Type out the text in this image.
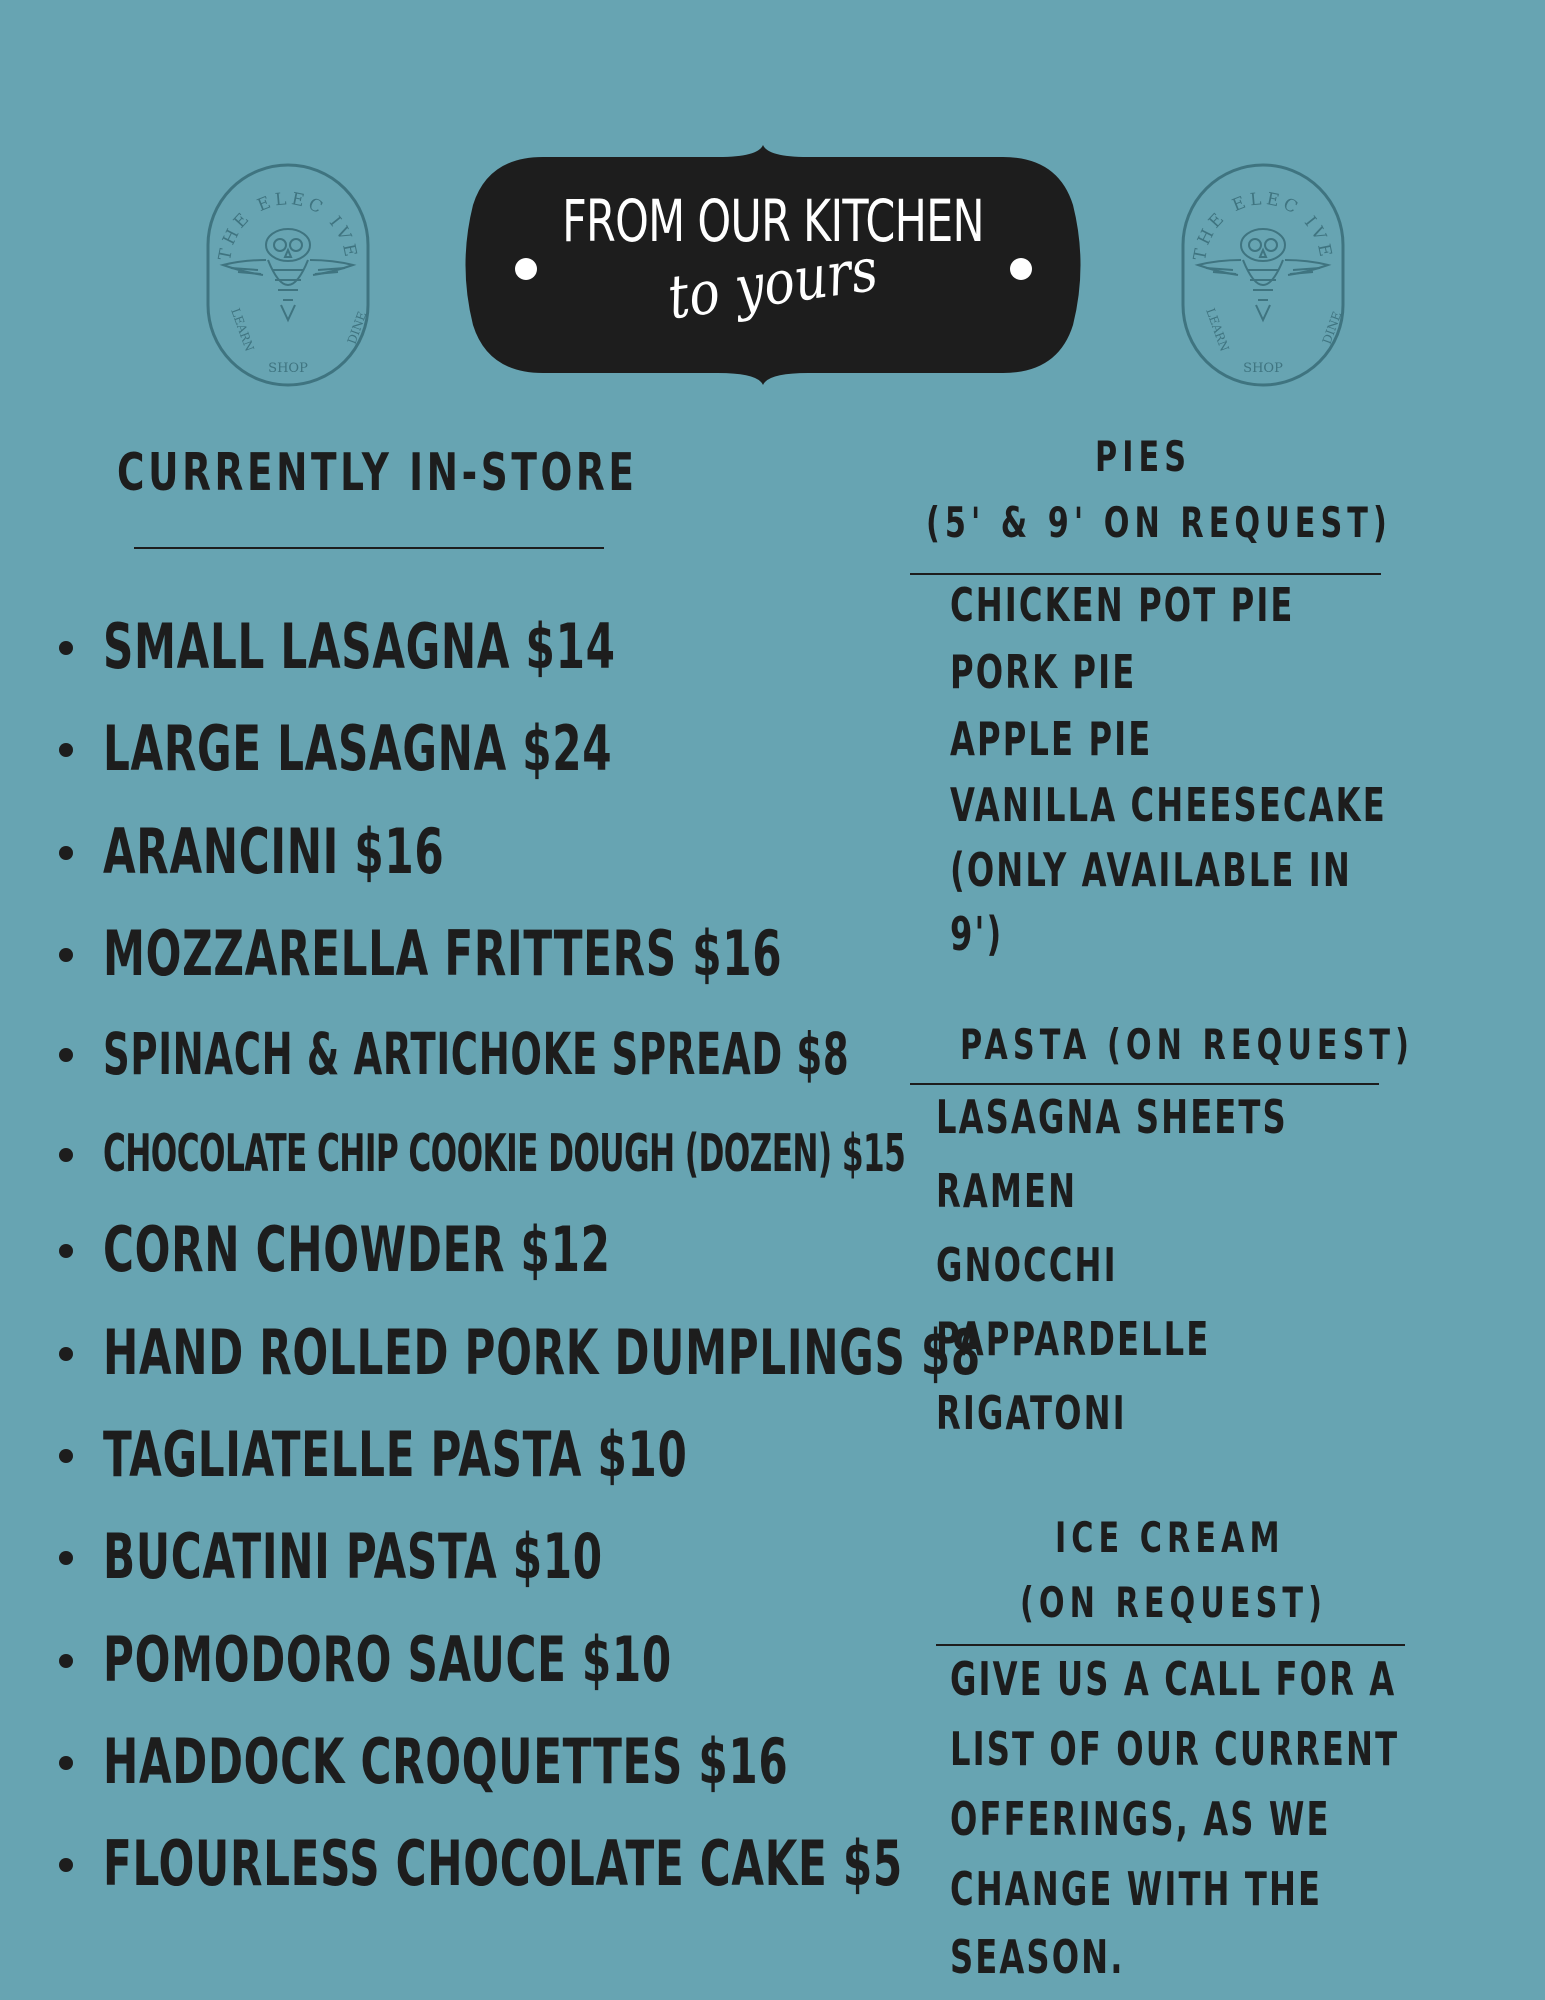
THE ELEC IVE
LEARN
SHOP
DINE
THE ELEC IVE
LEARN
SHOP
DINE
FROM OUR KITCHEN
to yours
CURRENTLY IN-STORE
SMALL LASAGNA $14
LARGE LASAGNA $24
ARANCINI $16
MOZZARELLA FRITTERS $16
SPINACH & ARTICHOKE SPREAD $8
CHOCOLATE CHIP COOKIE DOUGH (DOZEN) $15
CORN CHOWDER $12
HAND ROLLED PORK DUMPLINGS $8
TAGLIATELLE PASTA $10
BUCATINI PASTA $10
POMODORO SAUCE $10
HADDOCK CROQUETTES $16
FLOURLESS CHOCOLATE CAKE $5
PIES
(5' & 9' ON REQUEST)
CHICKEN POT PIE
PORK PIE
APPLE PIE
VANILLA CHEESECAKE
(ONLY AVAILABLE IN
9')
PASTA (ON REQUEST)
LASAGNA SHEETS
RAMEN
GNOCCHI
PAPPARDELLE
RIGATONI
ICE CREAM
(ON REQUEST)
GIVE US A CALL FOR A
LIST OF OUR CURRENT
OFFERINGS, AS WE
CHANGE WITH THE
SEASON.
